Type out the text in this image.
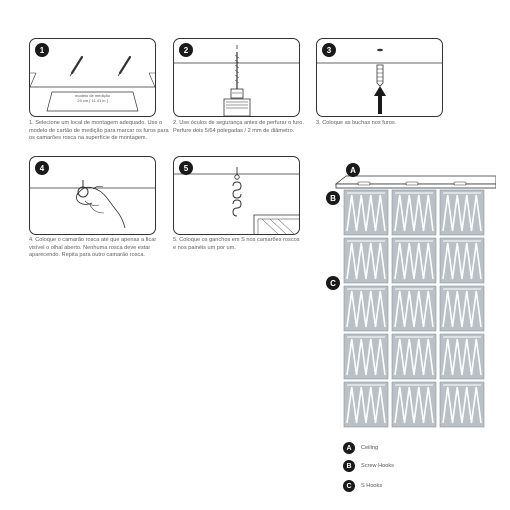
1
modelo de medição
29 cm [ 11.41 in ]

1. Selecione um local de montagem adequado. Use o modelo de cartão de medição para marcar os furos para os camarões rosca na superfície de montagem.

2

2. Use óculos de segurança antes de perfurar o furo. Perfure dois 5/64 polegadas / 2 mm de diâmetro.

3

3. Coloque as buchas nos furos.

4

4. Coloque o camarão rosca até que apenas a ficar visível o olhal aberto. Nenhuma rosca deve estar aparecendo. Repita para outro camarão rosca.

5

5. Coloque os ganchos em S nos camarões roscos e nos painéis um por um.

A
B
C
A	Ceiling
B	Screw Hooks
C	S Hooks
